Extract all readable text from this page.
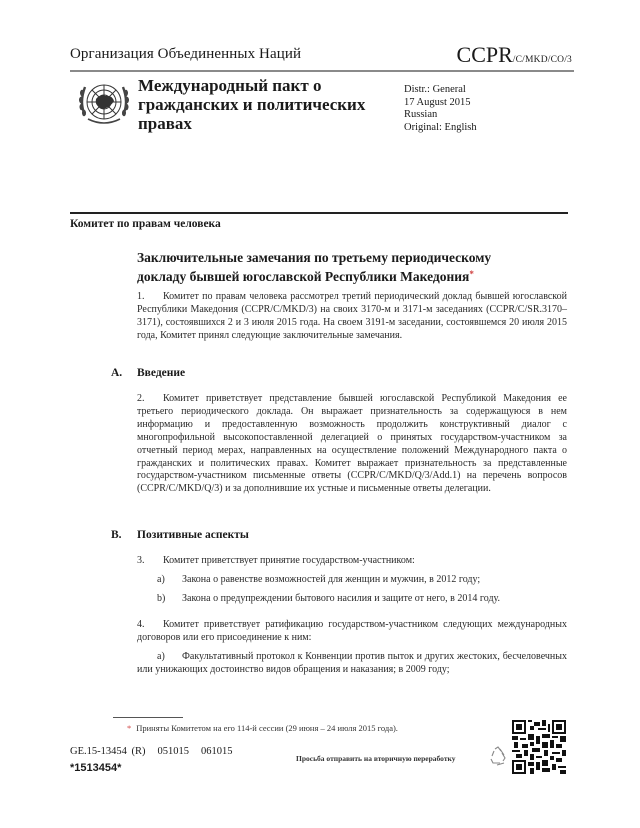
Организация Объединенных Наций	CCPR/C/MKD/CO/3
Международный пакт о
гражданских и политических
правах
Distr.: General
17 August 2015
Russian
Original: English
Комитет по правам человека
Заключительные замечания по третьему периодическому
докладу бывшей югославской Республики Македония*
1. Комитет по правам человека рассмотрел третий периодический доклад бывшей югославской Республики Македония (CCPR/C/MKD/3) на своих 3170-м и 3171-м заседаниях (CCPR/C/SR.3170–3171), состоявшихся 2 и 3 июля 2015 года. На своем 3191-м заседании, состоявшемся 20 июля 2015 года, Комитет принял следующие заключительные замечания.
A. Введение
2. Комитет приветствует представление бывшей югославской Республикой Македония ее третьего периодического доклада. Он выражает признательность за содержащуюся в нем информацию и предоставленную возможность продолжить конструктивный диалог с многопрофильной высокопоставленной делегацией о принятых государством-участником за отчетный период мерах, направленных на осуществление положений Международного пакта о гражданских и политических правах. Комитет выражает признательность за представленные государством-участником письменные ответы (CCPR/C/MKD/Q/3/Add.1) на перечень вопросов (CCPR/C/MKD/Q/3) и за дополнившие их устные и письменные ответы делегации.
B. Позитивные аспекты
3. Комитет приветствует принятие государством-участником:
a) Закона о равенстве возможностей для женщин и мужчин, в 2012 году;
b) Закона о предупреждении бытового насилия и защите от него, в 2014 году.
4. Комитет приветствует ратификацию государством-участником следующих международных договоров или его присоединение к ним:
a) Факультативный протокол к Конвенции против пыток и других жестоких, бесчеловечных или унижающих достоинство видов обращения и наказания; в 2009 году;
* Приняты Комитетом на его 114-й сессии (29 июня – 24 июля 2015 года).
GE.15-13454 (R) 051015 061015
*1513454*
Просьба отправить на вторичную переработку
